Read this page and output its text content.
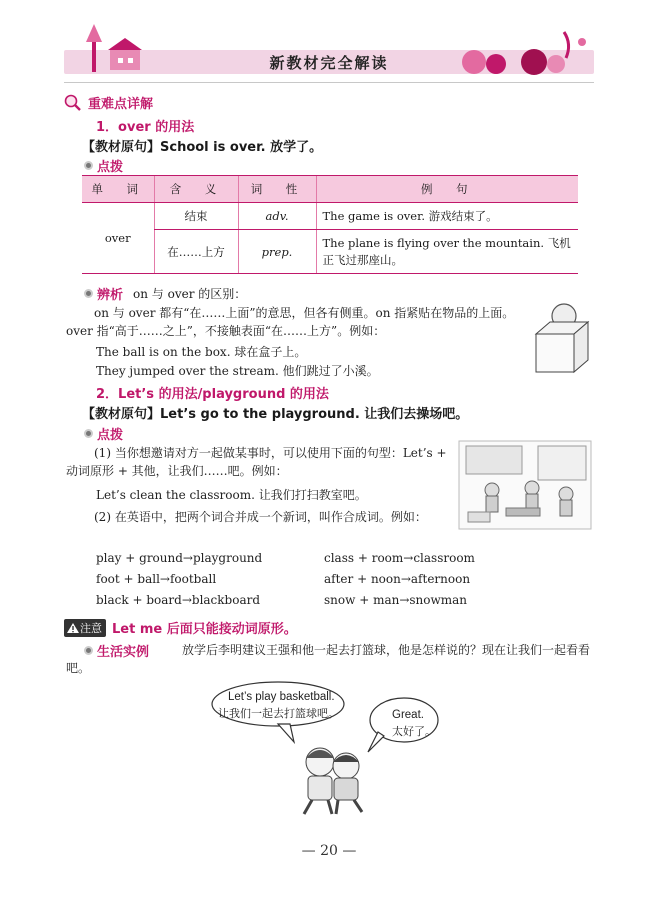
新教材完全解读
重难点详解
1．over 的用法
【教材原句】School is over. 放学了。
点拨
单　词	含　义	词　性	例　句
over	结束	adv.	The game is over. 游戏结束了。
	在……上方	prep.	The plane is flying over the mountain. 飞机正飞过那座山。
辨析 on 与 over 的区别：
on 与 over 都有“在……上面”的意思，但各有侧重。on 指紧贴在物品的上面。over 指“高于……之上”，不接触表面“在……上方”。例如：
The ball is on the box. 球在盒子上。
They jumped over the stream. 他们跳过了小溪。
2．Let’s 的用法/playground 的用法
【教材原句】Let’s go to the playground. 让我们去操场吧。
点拨
(1) 当你想邀请对方一起做某事时，可以使用下面的句型：Let’s + 动词原形 + 其他，让我们……吧。例如：
Let’s clean the classroom. 让我们打扫教室吧。
(2) 在英语中，把两个词合并成一个新词，叫作合成词。例如：
play + ground→playground	class + room→classroom
foot + ball→football	after + noon→afternoon
black + board→blackboard	snow + man→snowman
注意 Let me 后面只能接动词原形。
生活实例	放学后李明建议王强和他一起去打篮球，他是怎样说的？现在让我们一起看看吧。
Let’s play basketball.
让我们一起去打篮球吧。	Great.
太好了。
— 20 —
